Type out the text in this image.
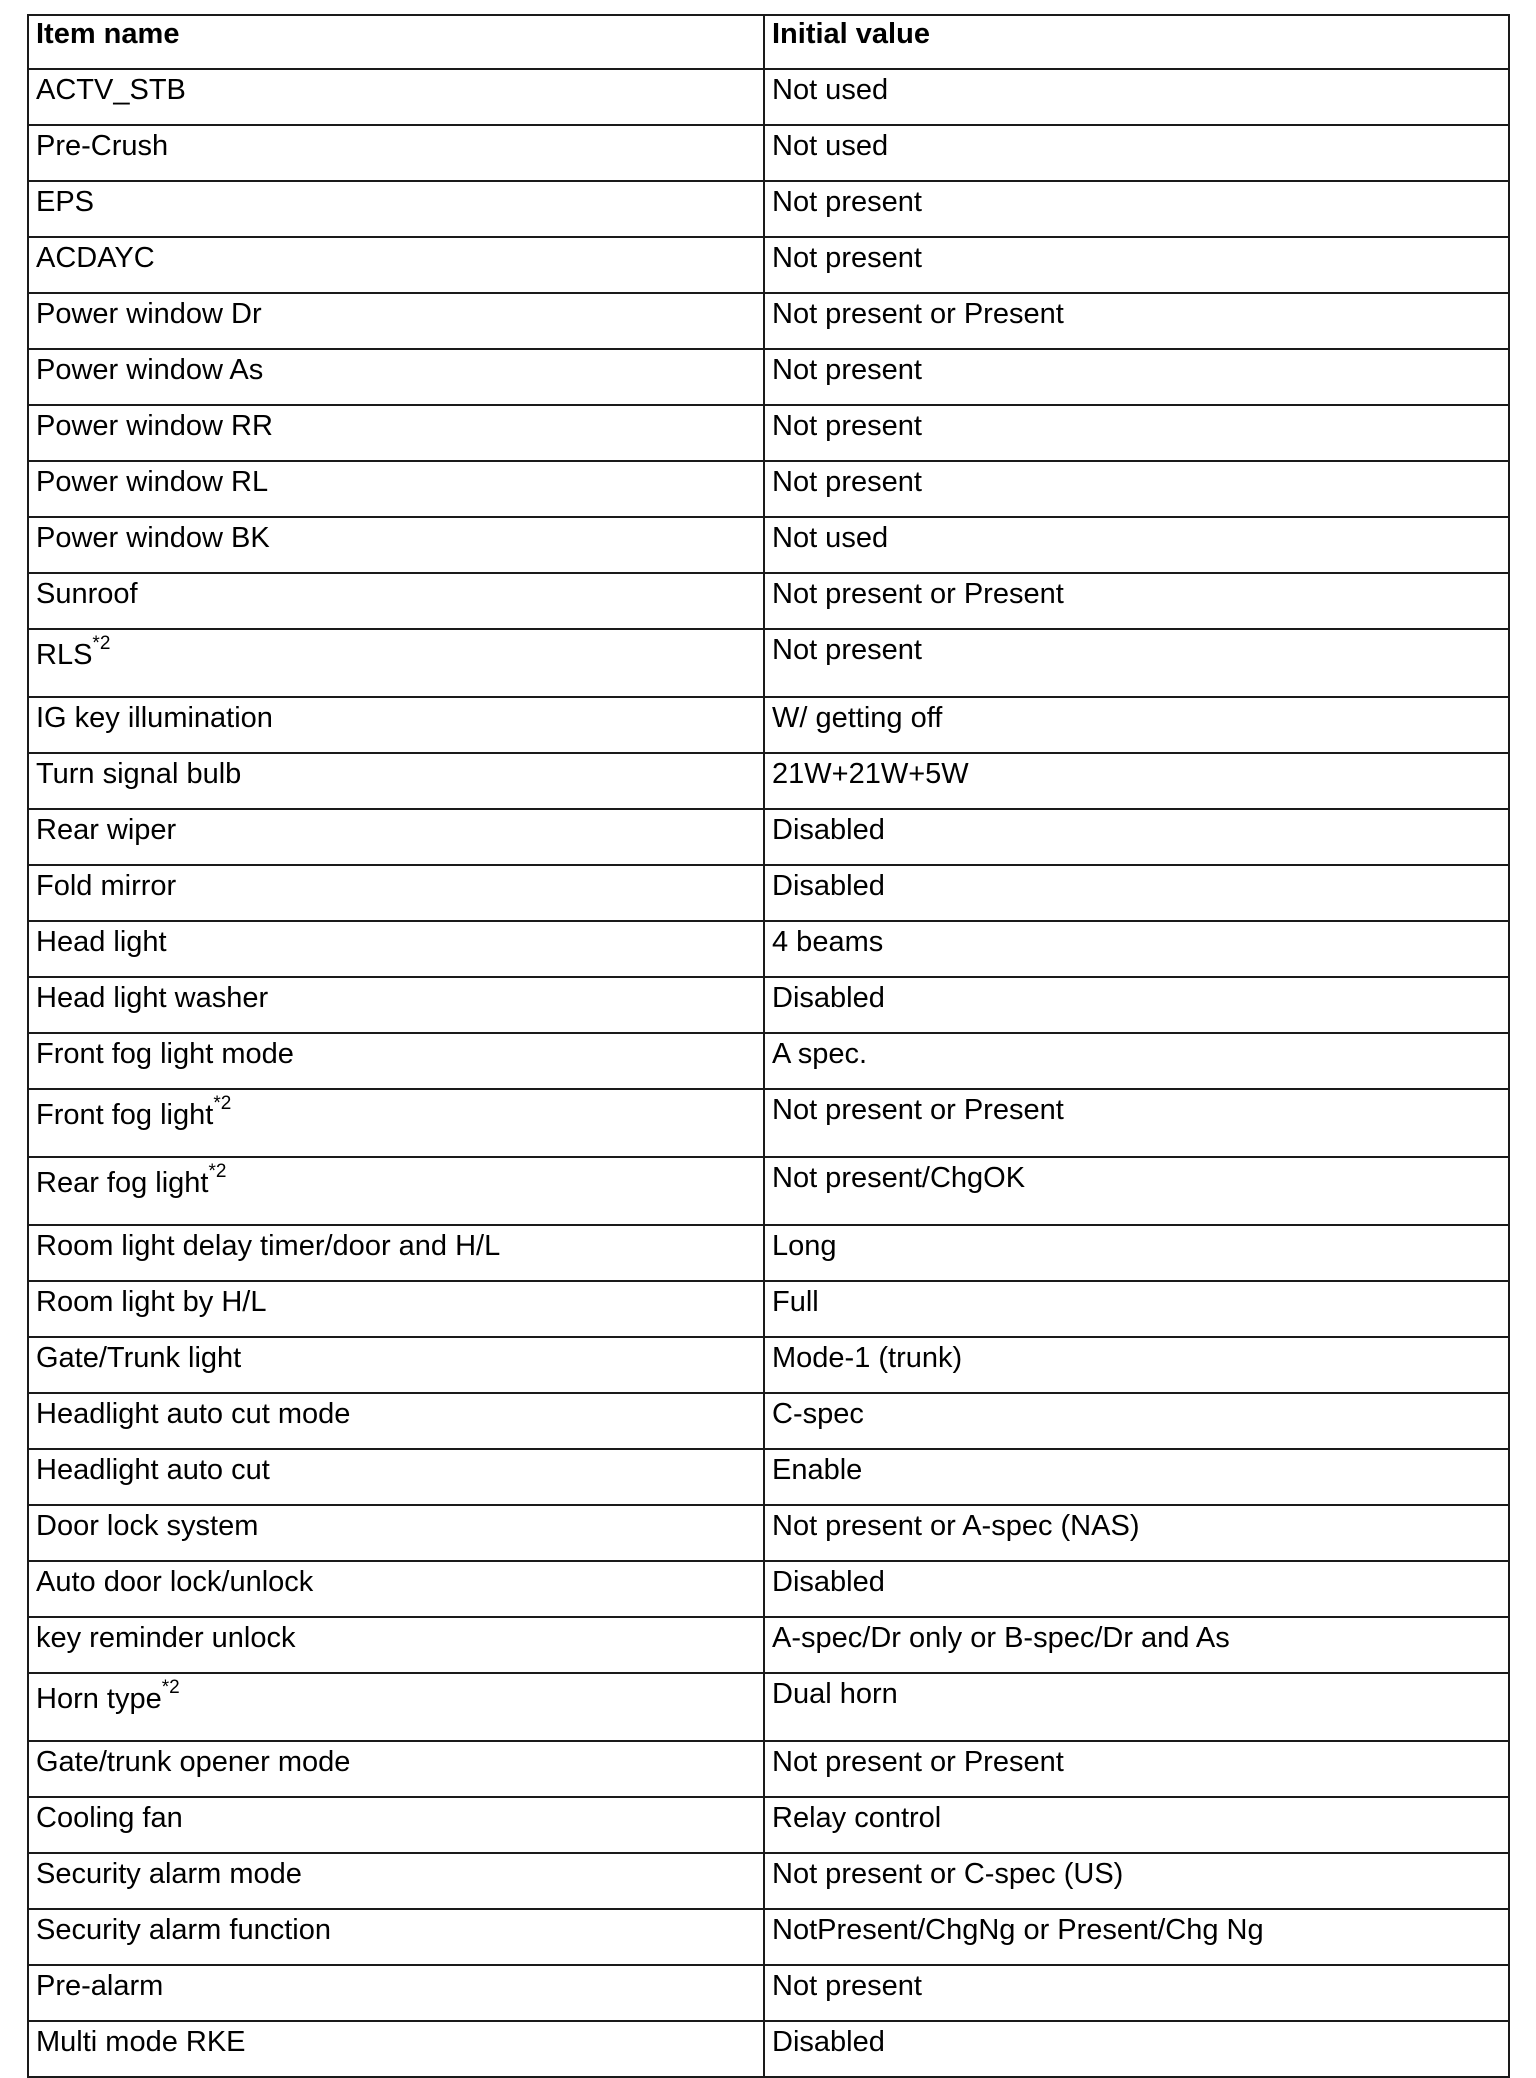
Item name	Initial value
ACTV_STB	Not used
Pre-Crush	Not used
EPS	Not present
ACDAYC	Not present
Power window Dr	Not present or Present
Power window As	Not present
Power window RR	Not present
Power window RL	Not present
Power window BK	Not used
Sunroof	Not present or Present
RLS$^{*2}$	Not present
IG key illumination	W/ getting off
Turn signal bulb	21W+21W+5W
Rear wiper	Disabled
Fold mirror	Disabled
Head light	4 beams
Head light washer	Disabled
Front fog light mode	A spec.
Front fog light$^{*2}$	Not present or Present
Rear fog light$^{*2}$	Not present/ChgOK
Room light delay timer/door and H/L	Long
Room light by H/L	Full
Gate/Trunk light	Mode-1 (trunk)
Headlight auto cut mode	C-spec
Headlight auto cut	Enable
Door lock system	Not present or A-spec (NAS)
Auto door lock/unlock	Disabled
key reminder unlock	A-spec/Dr only or B-spec/Dr and As
Horn type$^{*2}$	Dual horn
Gate/trunk opener mode	Not present or Present
Cooling fan	Relay control
Security alarm mode	Not present or C-spec (US)
Security alarm function	NotPresent/ChgNg or Present/Chg Ng
Pre-alarm	Not present
Multi mode RKE	Disabled
